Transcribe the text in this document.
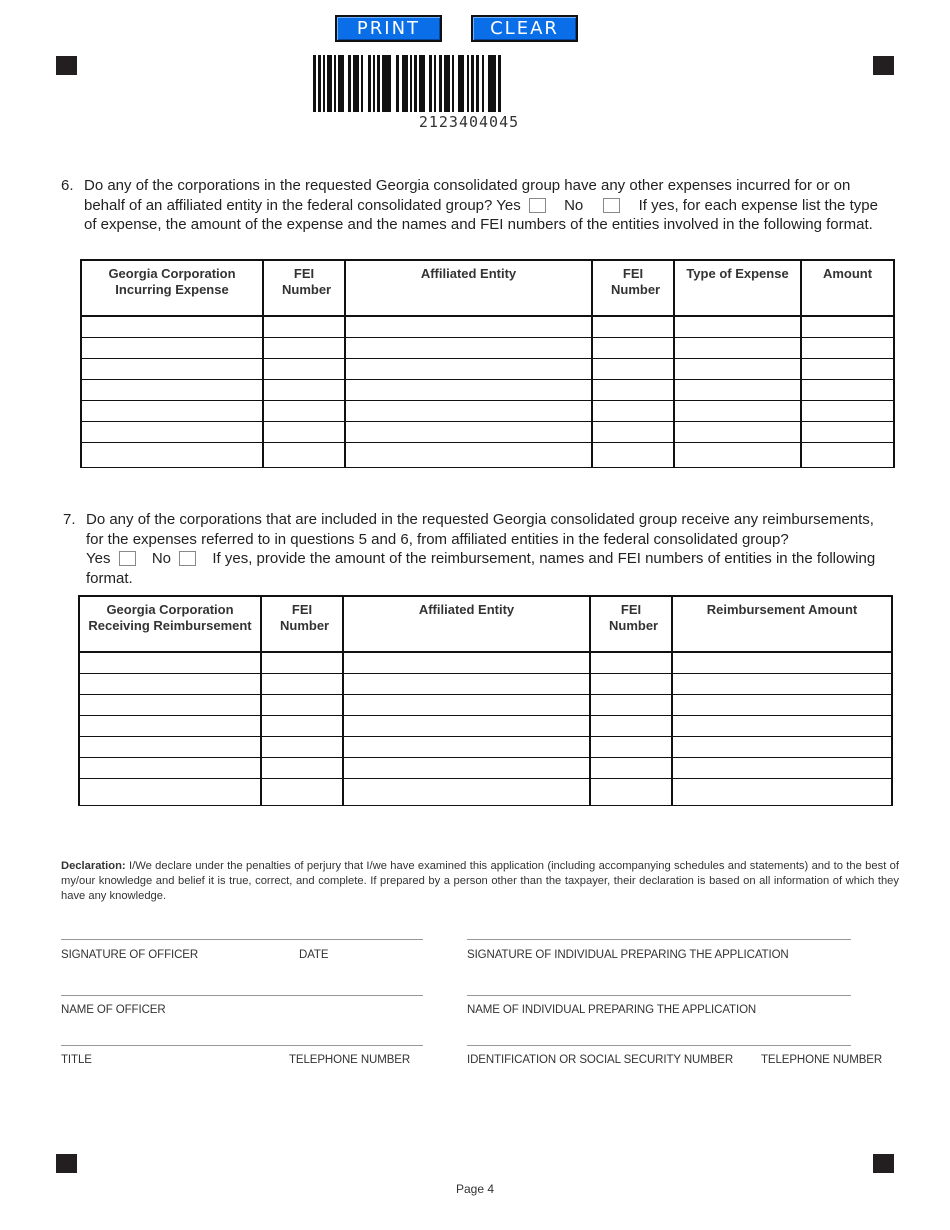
PRINT	CLEAR
2123404045
6. Do any of the corporations in the requested Georgia consolidated group have any other expenses incurred for or on
behalf of an affiliated entity in the federal consolidated group? Yes	No	If yes, for each expense list the type
of expense, the amount of the expense and the names and FEI numbers of the entities involved in the following format.
Georgia Corporation Incurring Expense	FEI Number	Affiliated Entity	FEI Number	Type of Expense	Amount

7. Do any of the corporations that are included in the requested Georgia consolidated group receive any reimbursements,
for the expenses referred to in questions 5 and 6, from affiliated entities in the federal consolidated group?
Yes	No	If yes, provide the amount of the reimbursement, names and FEI numbers of entities in the following
format.
Georgia Corporation Receiving Reimbursement	FEI Number	Affiliated Entity	FEI Number	Reimbursement Amount

Declaration: I/We declare under the penalties of perjury that I/we have examined this application (including accompanying schedules and statements) and to the best of my/our knowledge and belief it is true, correct, and complete. If prepared by a person other than the taxpayer, their declaration is based on all information of which they have any knowledge.
SIGNATURE OF OFFICER	DATE
NAME OF OFFICER
TITLE	TELEPHONE NUMBER
SIGNATURE OF INDIVIDUAL PREPARING THE APPLICATION
NAME OF INDIVIDUAL PREPARING THE APPLICATION
IDENTIFICATION OR SOCIAL SECURITY NUMBER TELEPHONE NUMBER
Page 4
